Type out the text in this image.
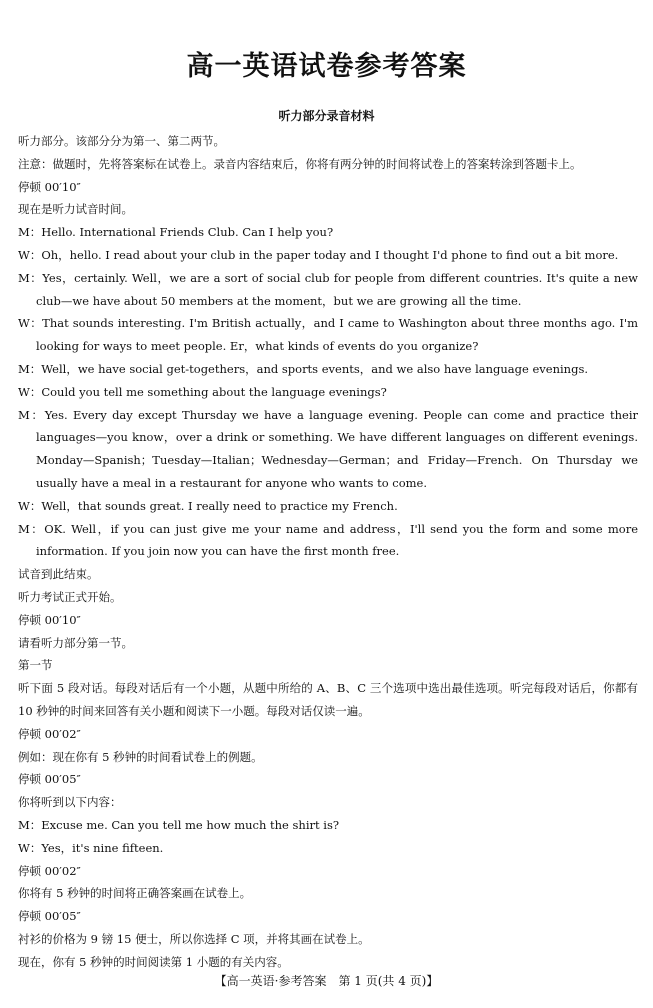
高一英语试卷参考答案
听力部分录音材料
听力部分。该部分分为第一、第二两节。
注意：做题时，先将答案标在试卷上。录音内容结束后，你将有两分钟的时间将试卷上的答案转涂到答题卡上。
停顿 00′10″
现在是听力试音时间。
M：Hello. International Friends Club. Can I help you?
W：Oh，hello. I read about your club in the paper today and I thought I'd phone to find out a bit more.
M：Yes，certainly. Well，we are a sort of social club for people from different countries. It's quite a new club—we have about 50 members at the moment，but we are growing all the time.
W：That sounds interesting. I'm British actually，and I came to Washington about three months ago. I'm looking for ways to meet people. Er，what kinds of events do you organize?
M：Well，we have social get-togethers，and sports events，and we also have language evenings.
W：Could you tell me something about the language evenings?
M：Yes. Every day except Thursday we have a language evening. People can come and practice their languages—you know，over a drink or something. We have different languages on different evenings. Monday—Spanish；Tuesday—Italian；Wednesday—German；and Friday—French. On Thursday we usually have a meal in a restaurant for anyone who wants to come.
W：Well，that sounds great. I really need to practice my French.
M：OK. Well，if you can just give me your name and address，I'll send you the form and some more information. If you join now you can have the first month free.
试音到此结束。
听力考试正式开始。
停顿 00′10″
请看听力部分第一节。
第一节
听下面 5 段对话。每段对话后有一个小题，从题中所给的 A、B、C 三个选项中选出最佳选项。听完每段对话后，你都有 10 秒钟的时间来回答有关小题和阅读下一小题。每段对话仅读一遍。
停顿 00′02″
例如：现在你有 5 秒钟的时间看试卷上的例题。
停顿 00′05″
你将听到以下内容：
M：Excuse me. Can you tell me how much the shirt is?
W：Yes，it's nine fifteen.
停顿 00′02″
你将有 5 秒钟的时间将正确答案画在试卷上。
停顿 00′05″
衬衫的价格为 9 镑 15 便士，所以你选择 C 项，并将其画在试卷上。
现在，你有 5 秒钟的时间阅读第 1 小题的有关内容。
【高一英语·参考答案　第 1 页(共 4 页)】
